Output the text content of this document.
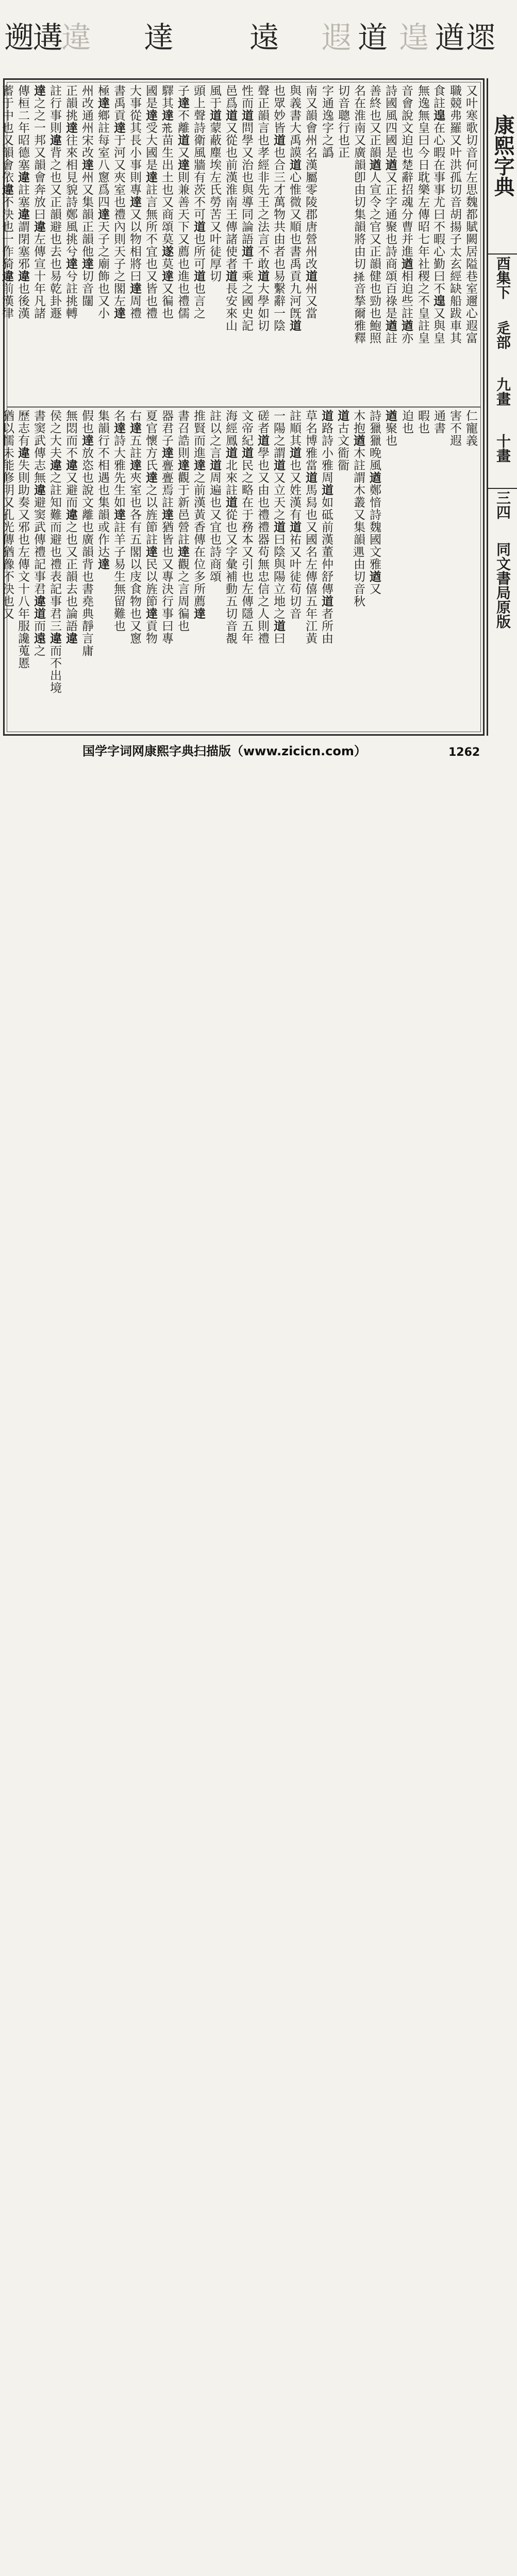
遝
遒
遑
道
遐
遠
達
違
遘
遡
又叶寒歌切音何左思魏都賦闕居隘巷室邇心遐富
職競弗羅又叶洪孤切音胡揚子太玄經缺船跋車其
食註遑在心暇在事事尤曰不暇心勤曰不遑又與皇
無逸無皇曰今日耽樂左傳昭七年社稷之不皇註皇
音會說文迫也楚辭招魂分曹并進遒相迫些註遒亦
詩國風四國是遒又正字通聚也詩商頌百祿是遒註
善終也又正韻遒人宣令之官又正韻健也勁也鮑照
名在淮南又廣韻卽由切集韻將由切𢫬音揫爾雅釋
切音聰行也正
字通逸字之譌
南又韻會州名漢屬零陵郡唐營州改道州又當
與義書大禹謨道心惟微又順也書禹貢九河旣道
也眾妙皆道也合三才萬物共由者也易繫辭一陰
聲正韻言也孝經非先王之法言不敢道大學如切
性而道問學又治也與導同論語道千乘之國史記
邑爲道又從也前漢淮南王傳諸使者道長安來山
風于道蒙蔽塵埃左氏勞苦又叶徒厚切
頭上聲詩衛風牆有茨不可道也所可道也言之
子達不離道又達則兼善天下又薦也進也禮儒
驛其達𦬸苗生出土也又商頌莫遂莫達又徧也
國是達受大國是達註言無所不宜也又皆也禮
大事從其長小事則專達又以物相將曰達周禮
書禹貢達于河又夾室也禮內則天子之閣左達
極達鄉註每室八窻爲四達天子之廟飾也又小
州改通州宋改達州又集韻正韻他達切音闥
正韻挑達往來相見貌詩鄭風挑兮達兮註挑𨍭
註行事則違背之也又正韻避也去也易乾卦遯
達之之一邦又韻會奔放曰違左傳宣十年凡諸
傳桓二年昭德塞違註塞違謂閉塞邪違也後漢
蓄于中也又韻會依違不決也一作猗違前漢律
仁寵義
害不遐
通書
暇也
迫也
遒聚也
詩獵獵晚風遒鄭愔詩魏國文雅遒又
木抱遒木註謂木叢又集韻𨒁由切音秋
道古文衜衟
道路詩小雅周道如砥前漢董仲舒傳道者所由
草名博雅當道馬舄也又國名左傳僖五年江黃
註順其道也又姓漢有道祐又叶徒苟切音
一陽之謂道又立天之道曰陰與陽立地之道曰
磋者道學也又由也禮禮器苟無忠信之人則禮
文帝紀道民之略在于務本又引也左傳隱五年
海經鳳道北來註道從也又字彙補動五切音覩
註以之言道周遍也又宜也詩商頌
推賢而進達之前漢黃香傳在位多所薦達
書召誥則達觀于新邑營註達觀之言周徧也
器君子達亹亹焉註達猶皆也又專決行事曰專
夏官懷方氏達之以旌節註達民以旌節達貢物
右達五註達夾室也各有五閣以庋食物也又窻
名達詩大雅先生如達註羊子易生無留難也
集韻行不相遇也集韻或作达達
假也達放恣也說文離也廣韻背也書堯典靜言庸
無悶而不違又避而違之也又正韻去也論語違
侯之大夫違之註知難而避也禮表記事君三違而不出境
書窦武傳志無違避窦武傳禮記事君違道而遠之
歷志有違失則助奏又邪也左傳文十八年服讒蒐慝
猶以懦未能修明又孔光傳猶豫不決也又
康熙字典
酉集下
辵部
九畫
十畫
三四
同文書局原版
国学字词网康熙字典扫描版（www.zicicn.com）	1262
